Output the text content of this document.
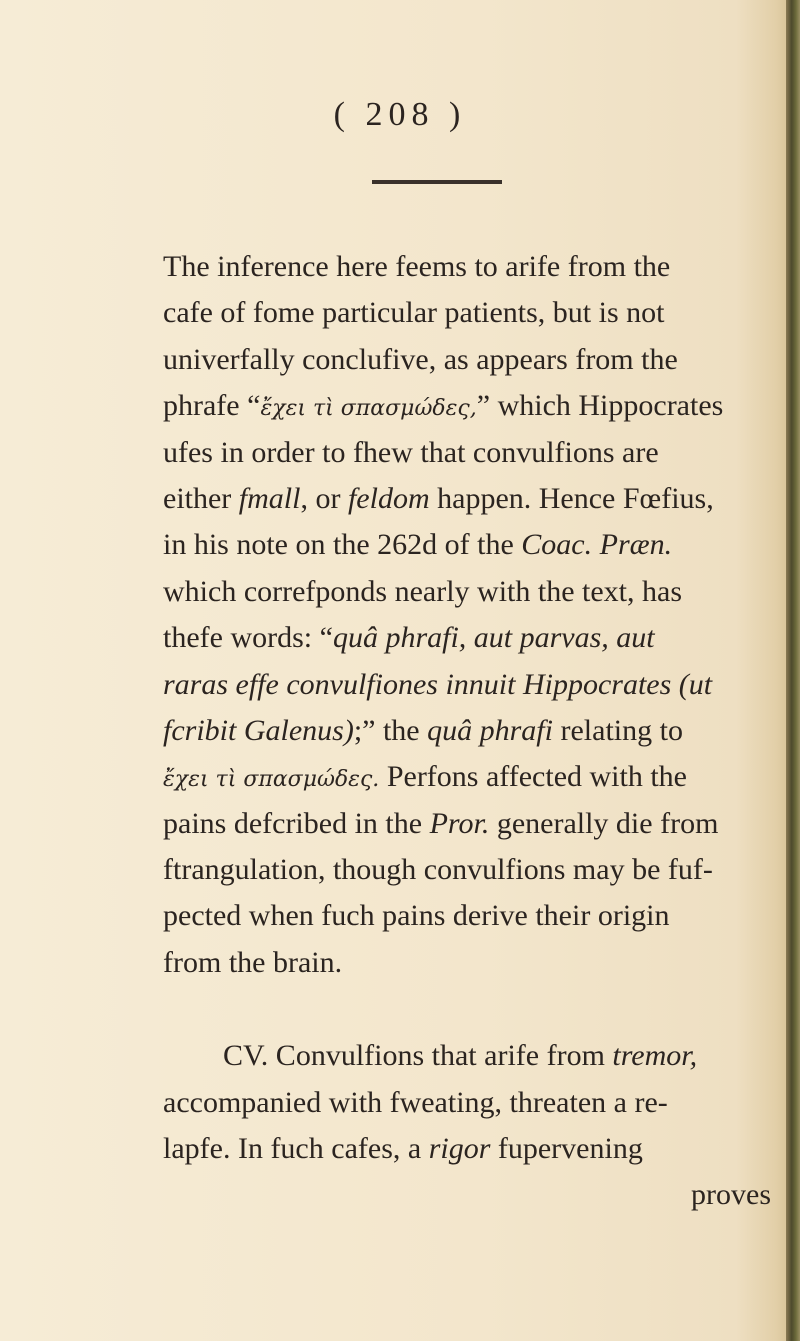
( 208 )
The inference here feems to arife from the
cafe of fome particular patients, but is not
univerfally conclufive, as appears from the
phrafe “ἔχει τὶ σπασμώδες,” which Hippocrates
ufes in order to fhew that convulfions are
either fmall, or feldom happen. Hence Fœfius,
in his note on the 262d of the Coac. Præn.
which correfponds nearly with the text, has
thefe words: “quâ phrafi, aut parvas, aut
raras effe convulfiones innuit Hippocrates (ut
fcribit Galenus);” the quâ phrafi relating to
ἔχει τὶ σπασμώδες. Perfons affected with the
pains defcribed in the Pror. generally die from
ftrangulation, though convulfions may be fuf-
pected when fuch pains derive their origin
from the brain.
CV. Convulfions that arife from tremor,
accompanied with fweating, threaten a re-
lapfe. In fuch cafes, a rigor fupervening
proves
